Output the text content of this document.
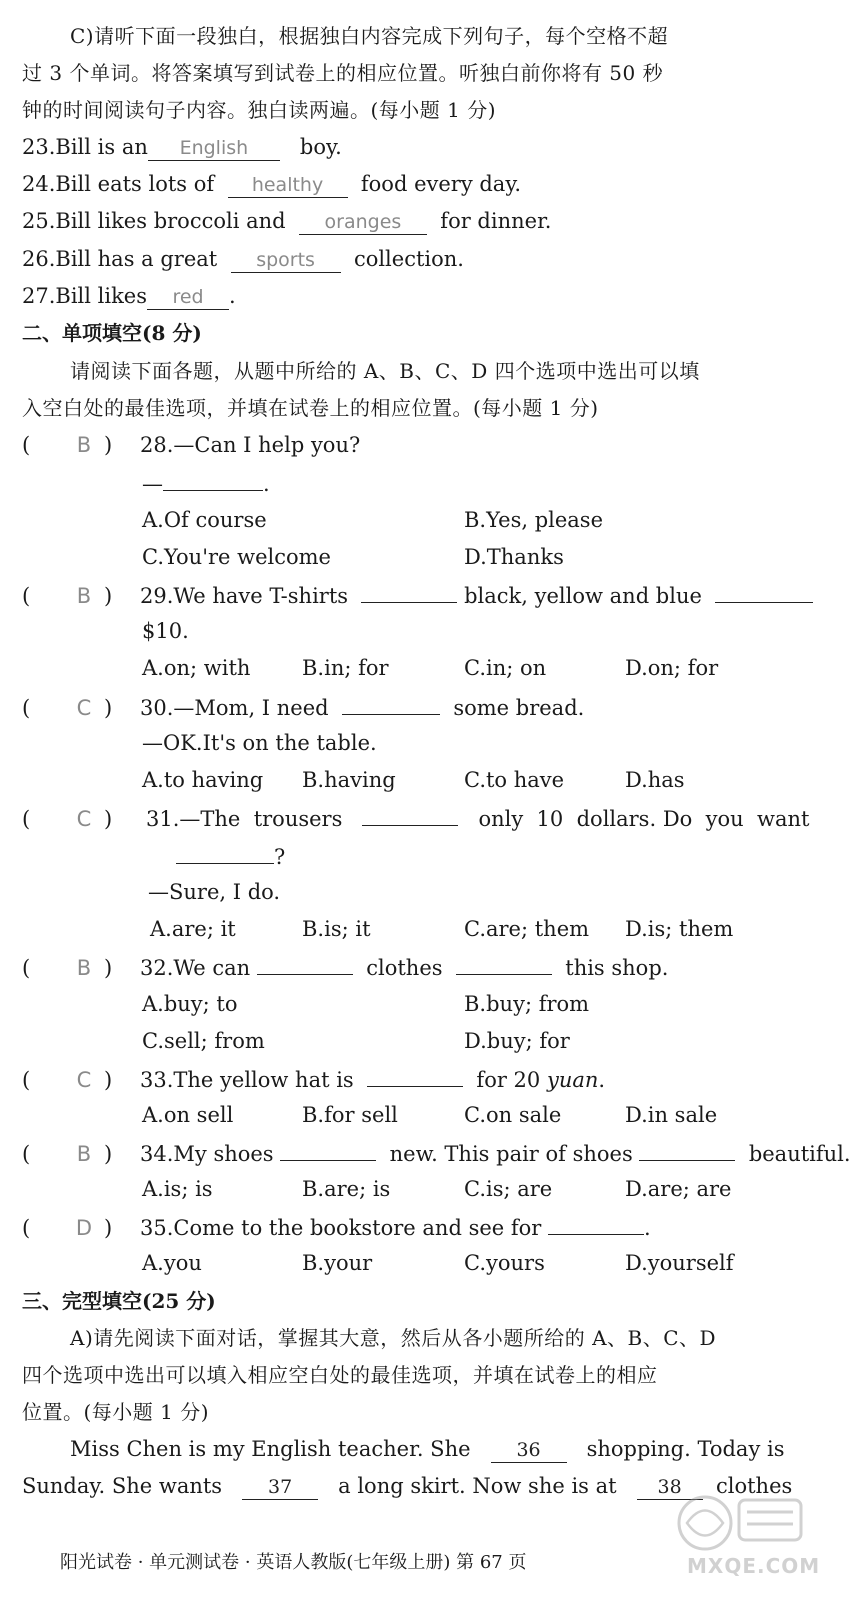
C)请听下面一段独白，根据独白内容完成下列句子，每个空格不超
过 3 个单词。将答案填写到试卷上的相应位置。听独白前你将有 50 秒
钟的时间阅读句子内容。独白读两遍。(每小题 1 分)
23.Bill is an English boy.
24.Bill eats lots of healthy food every day.
25.Bill likes broccoli and oranges for dinner.
26.Bill has a great sports collection.
27.Bill likes red .
二、单项填空(8 分)
请阅读下面各题，从题中所给的 A、B、C、D 四个选项中选出可以填
入空白处的最佳选项，并填在试卷上的相应位置。(每小题 1 分)
( B ) 28.—Can I help you?
—	.
A.Of course	B.Yes, please
C.You're welcome	D.Thanks
( B ) 29.We have T-shirts	black, yellow and blue
$10.
A.on; with B.in; for	C.in; on	D.on; for
( C ) 30.—Mom, I need	some bread.
—OK.It's on the table.
A.to having B.having	C.to have	D.has
( C ) 31.—The  trousers	only  10  dollars. Do  you  want
?
—Sure, I do.
A.are; it	B.is; it	C.are; them D.is; them
( B ) 32.We can	clothes	this shop.
A.buy; to	B.buy; from
C.sell; from	D.buy; for
( C ) 33.The yellow hat is	for 20 yuan.
A.on sell	B.for sell	C.on sale	D.in sale
( B ) 34.My shoes	new. This pair of shoes	beautiful.
A.is; is	B.are; is	C.is; are	D.are; are
( D ) 35.Come to the bookstore and see for	.
A.you	B.your	C.yours	D.yourself
三、完型填空(25 分)
A)请先阅读下面对话，掌握其大意，然后从各小题所给的 A、B、C、D
四个选项中选出可以填入相应空白处的最佳选项，并填在试卷上的相应
位置。(每小题 1 分)
Miss Chen is my English teacher. She 36 shopping. Today is
Sunday. She wants 37 a long skirt. Now she is at 38 clothes
阳光试卷 · 单元测试卷 · 英语人教版(七年级上册) 第 67 页	MXQE.COM
